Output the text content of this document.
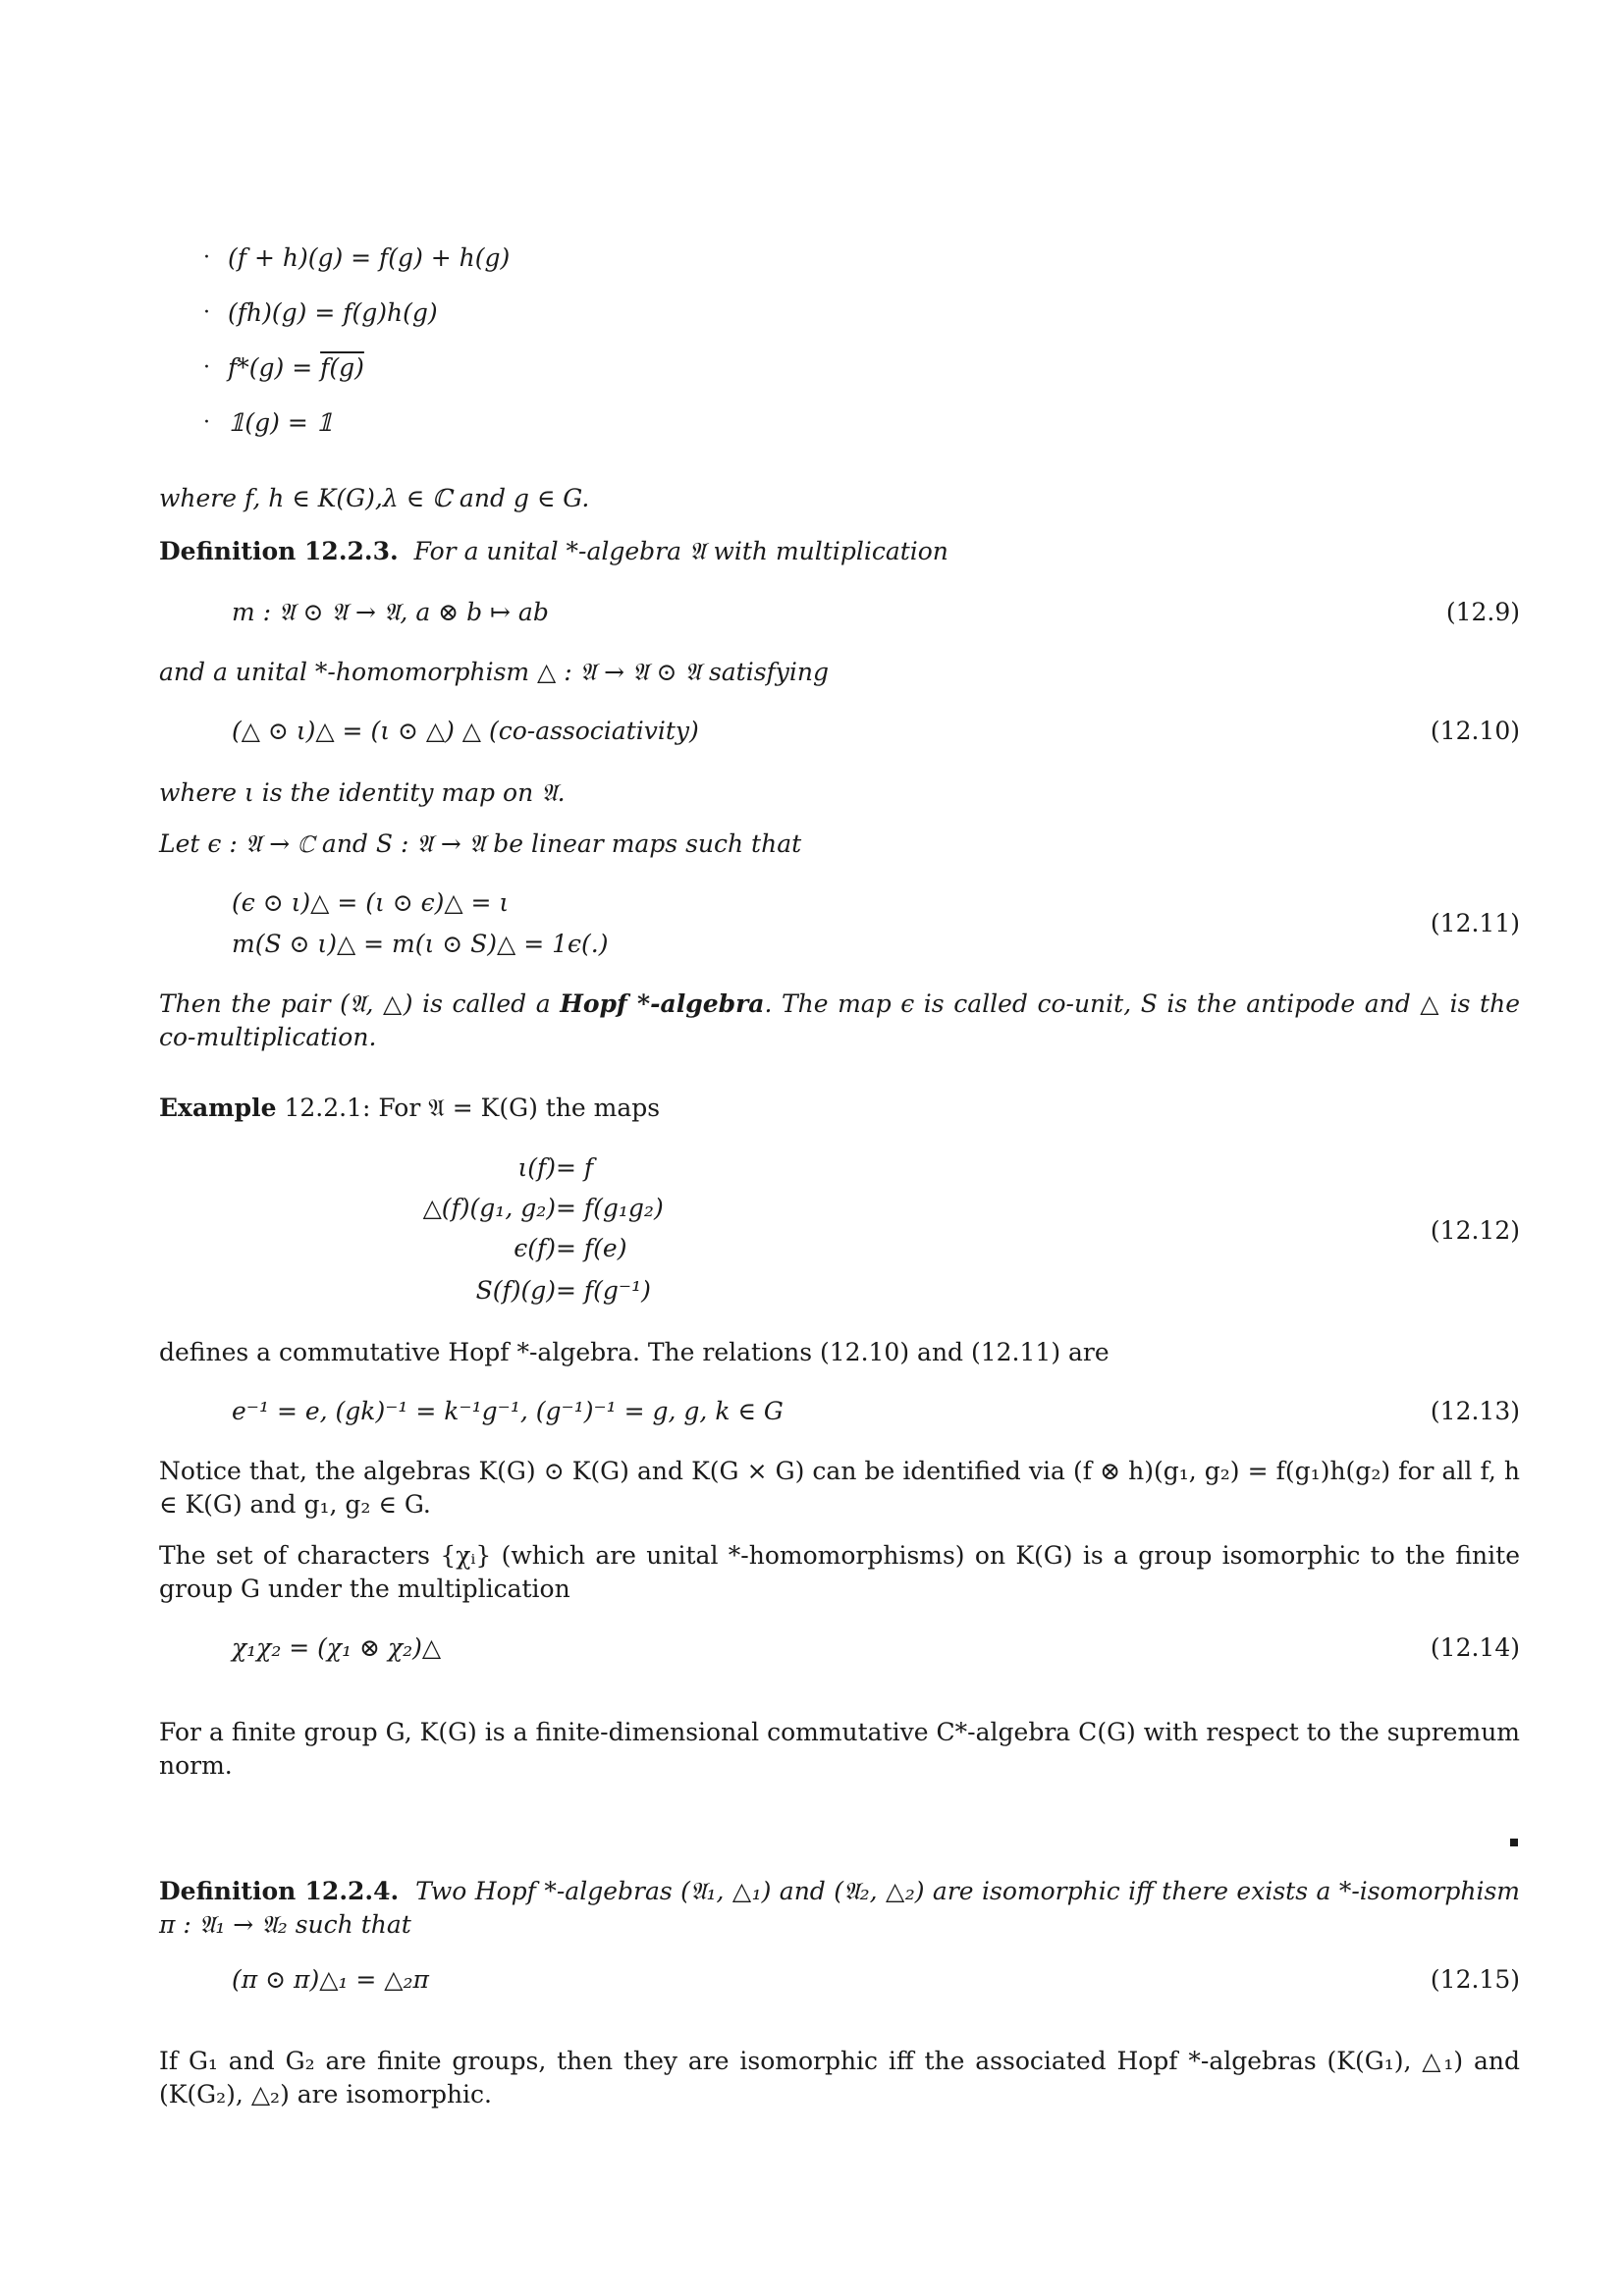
· (f + h)(g) = f(g) + h(g)
· (fh)(g) = f(g)h(g)
· f*(g) = f(g)
· 𝟙(g) = 𝟙

where f, h ∈ K(G),λ ∈ ℂ and g ∈ G.

Definition 12.2.3. For a unital *-algebra 𝔄 with multiplication

m : 𝔄 ⊙ 𝔄 → 𝔄, a ⊗ b ↦ ab	(12.9)

and a unital *-homomorphism △ : 𝔄 → 𝔄 ⊙ 𝔄 satisfying

(△ ⊙ ι)△ = (ι ⊙ △) △ (co-associativity)	(12.10)

where ι is the identity map on 𝔄.

Let ϵ : 𝔄 → ℂ and S : 𝔄 → 𝔄 be linear maps such that

(ϵ ⊙ ι)△ = (ι ⊙ ϵ)△ = ι
m(S ⊙ ι)△ = m(ι ⊙ S)△ = 1ϵ(.)
(12.11)

Then the pair (𝔄, △) is called a Hopf *-algebra. The map ϵ is called co-unit, S is the antipode and △ is the co-multiplication.

Example 12.2.1: For 𝔄 = K(G) the maps

ι(f) = f
△(f)(g₁, g₂) = f(g₁g₂)
ϵ(f) = f(e)
S(f)(g) = f(g⁻¹)
(12.12)

defines a commutative Hopf *-algebra. The relations (12.10) and (12.11) are

e⁻¹ = e, (gk)⁻¹ = k⁻¹g⁻¹, (g⁻¹)⁻¹ = g, g, k ∈ G	(12.13)

Notice that, the algebras K(G) ⊙ K(G) and K(G × G) can be identified via (f ⊗ h)(g₁, g₂) = f(g₁)h(g₂) for all f, h ∈ K(G) and g₁, g₂ ∈ G.

The set of characters {χᵢ} (which are unital *-homomorphisms) on K(G) is a group isomorphic to the finite group G under the multiplication

χ₁χ₂ = (χ₁ ⊗ χ₂)△	(12.14)

For a finite group G, K(G) is a finite-dimensional commutative C*-algebra C(G) with respect to the supremum norm.

Definition 12.2.4. Two Hopf *-algebras (𝔄₁, △₁) and (𝔄₂, △₂) are isomorphic iff there exists a *-isomorphism π : 𝔄₁ → 𝔄₂ such that

(π ⊙ π)△₁ = △₂π	(12.15)

If G₁ and G₂ are finite groups, then they are isomorphic iff the associated Hopf *-algebras (K(G₁), △₁) and (K(G₂), △₂) are isomorphic.
